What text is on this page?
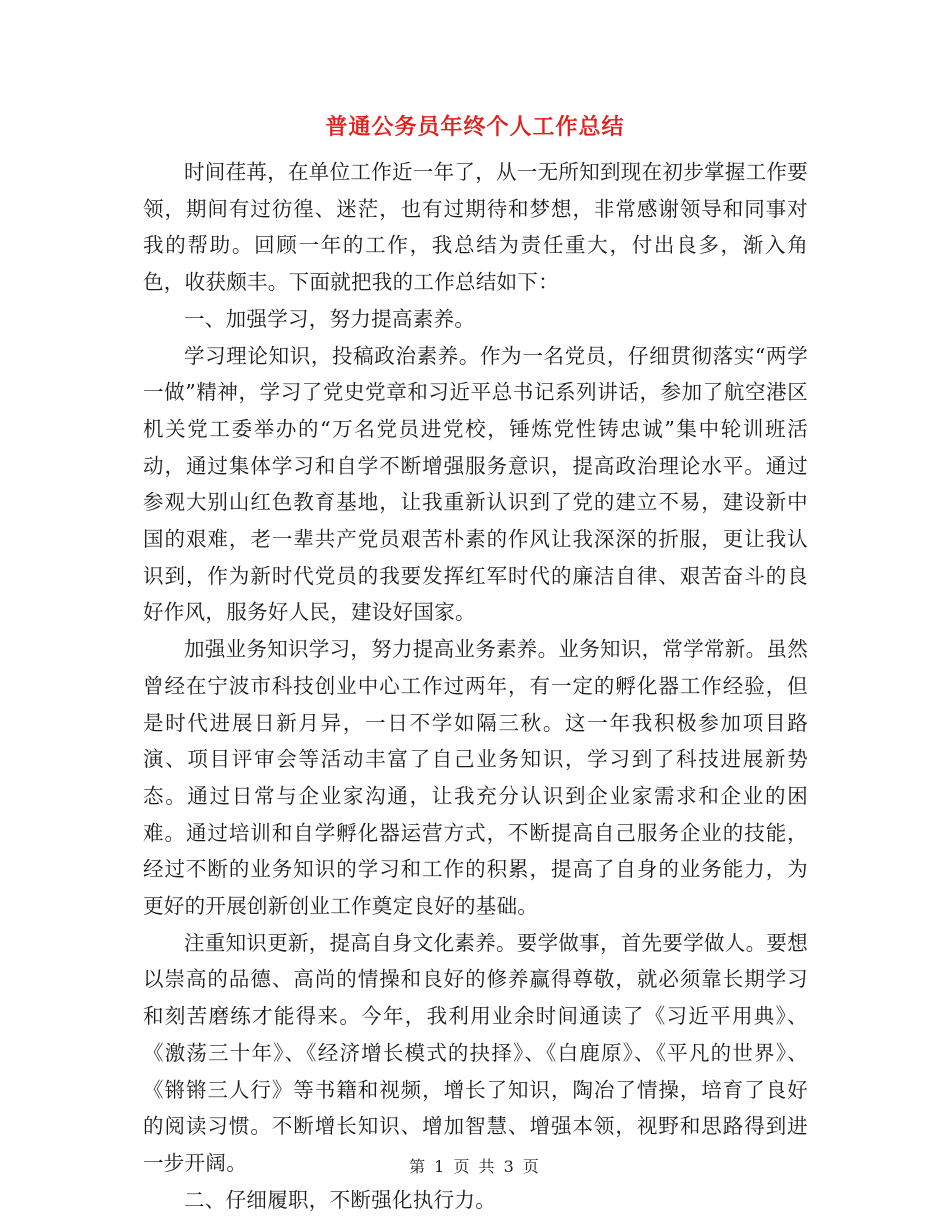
普通公务员年终个人工作总结

时间荏苒，在单位工作近一年了，从一无所知到现在初步掌握工作要领，期间有过彷徨、迷茫，也有过期待和梦想，非常感谢领导和同事对我的帮助。回顾一年的工作，我总结为责任重大，付出良多，渐入角色，收获颇丰。下面就把我的工作总结如下：

一、加强学习，努力提高素养。

学习理论知识，投稿政治素养。作为一名党员，仔细贯彻落实“两学一做”精神，学习了党史党章和习近平总书记系列讲话，参加了航空港区机关党工委举办的“万名党员进党校，锤炼党性铸忠诚”集中轮训班活动，通过集体学习和自学不断增强服务意识，提高政治理论水平。通过参观大别山红色教育基地，让我重新认识到了党的建立不易，建设新中国的艰难，老一辈共产党员艰苦朴素的作风让我深深的折服，更让我认识到，作为新时代党员的我要发挥红军时代的廉洁自律、艰苦奋斗的良好作风，服务好人民，建设好国家。

加强业务知识学习，努力提高业务素养。业务知识，常学常新。虽然曾经在宁波市科技创业中心工作过两年，有一定的孵化器工作经验，但是时代进展日新月异，一日不学如隔三秋。这一年我积极参加项目路演、项目评审会等活动丰富了自己业务知识，学习到了科技进展新势态。通过日常与企业家沟通，让我充分认识到企业家需求和企业的困难。通过培训和自学孵化器运营方式，不断提高自己服务企业的技能，经过不断的业务知识的学习和工作的积累，提高了自身的业务能力，为更好的开展创新创业工作奠定良好的基础。

注重知识更新，提高自身文化素养。要学做事，首先要学做人。要想以崇高的品德、高尚的情操和良好的修养赢得尊敬，就必须靠长期学习和刻苦磨练才能得来。今年，我利用业余时间通读了《习近平用典》、《激荡三十年》、《经济增长模式的抉择》、《白鹿原》、《平凡的世界》、《锵锵三人行》等书籍和视频，增长了知识，陶冶了情操，培育了良好的阅读习惯。不断增长知识、增加智慧、增强本领，视野和思路得到进一步开阔。

二、仔细履职，不断强化执行力。

第 1 页 共 3 页
